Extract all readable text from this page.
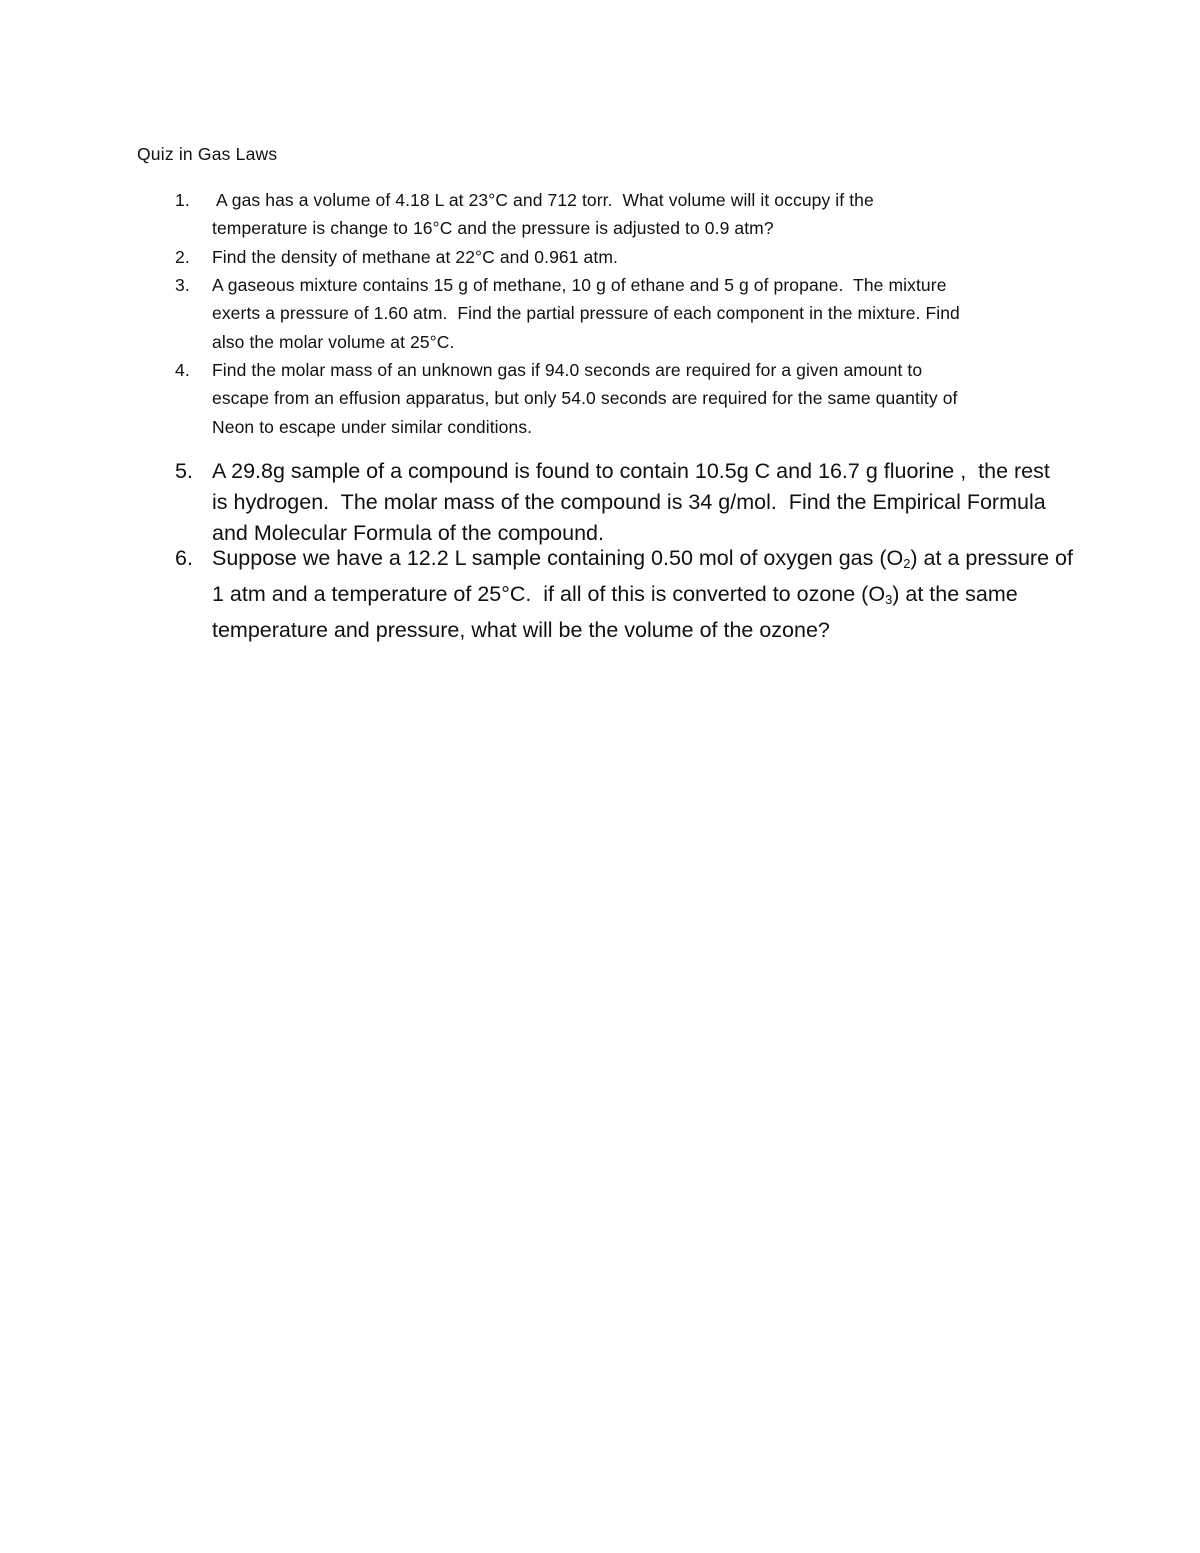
Quiz in Gas Laws
1. A gas has a volume of 4.18 L at 23°C and 712 torr.  What volume will it occupy if the
temperature is change to 16°C and the pressure is adjusted to 0.9 atm?
2. Find the density of methane at 22°C and 0.961 atm.
3. A gaseous mixture contains 15 g of methane, 10 g of ethane and 5 g of propane.  The mixture
exerts a pressure of 1.60 atm.  Find the partial pressure of each component in the mixture. Find
also the molar volume at 25°C.
4. Find the molar mass of an unknown gas if 94.0 seconds are required for a given amount to
escape from an effusion apparatus, but only 54.0 seconds are required for the same quantity of
Neon to escape under similar conditions.
5. A 29.8g sample of a compound is found to contain 10.5g C and 16.7 g fluorine ,  the rest
is hydrogen.  The molar mass of the compound is 34 g/mol.  Find the Empirical Formula
and Molecular Formula of the compound.
6. Suppose we have a 12.2 L sample containing 0.50 mol of oxygen gas $(O_2)$ at a pressure of
1 atm and a temperature of 25°C.  if all of this is converted to ozone $(O_3)$ at the same
temperature and pressure, what will be the volume of the ozone?
